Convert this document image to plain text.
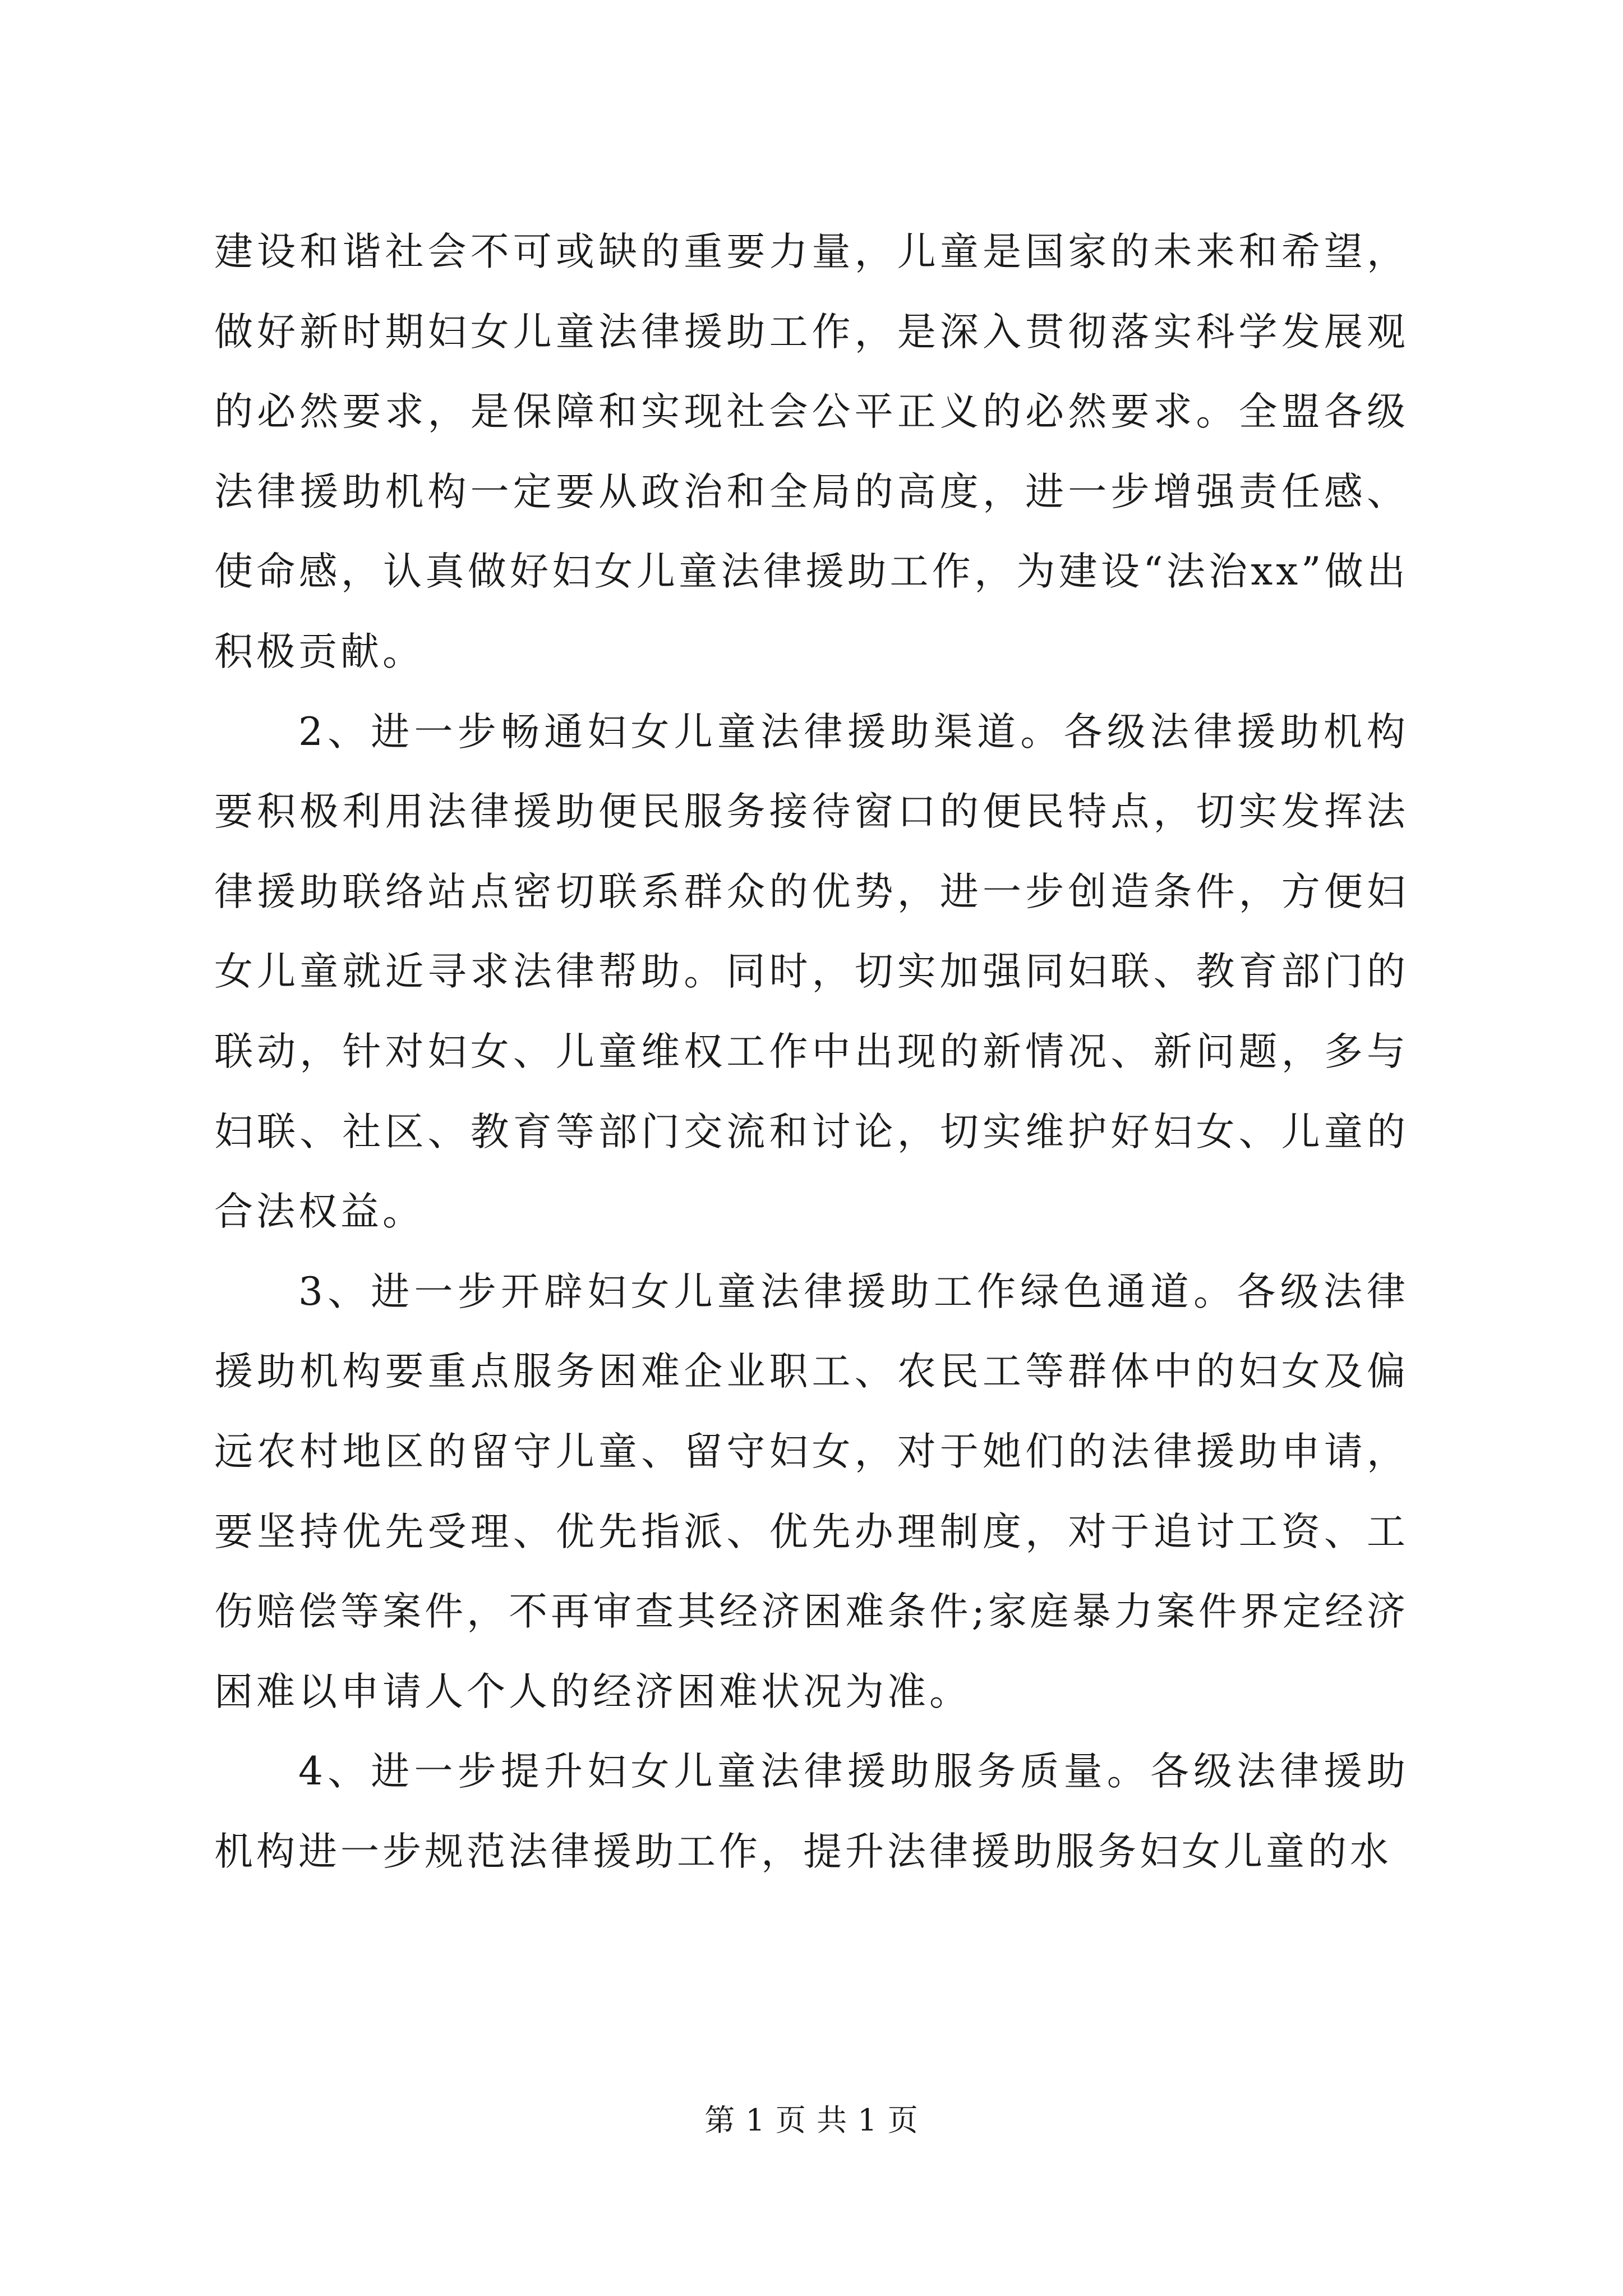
建设和谐社会不可或缺的重要力量，儿童是国家的未来和希望，做好新时期妇女儿童法律援助工作，是深入贯彻落实科学发展观的必然要求，是保障和实现社会公平正义的必然要求。全盟各级法律援助机构一定要从政治和全局的高度，进一步增强责任感、使命感，认真做好妇女儿童法律援助工作，为建设“法治xx”做出积极贡献。

2、进一步畅通妇女儿童法律援助渠道。各级法律援助机构要积极利用法律援助便民服务接待窗口的便民特点，切实发挥法律援助联络站点密切联系群众的优势，进一步创造条件，方便妇女儿童就近寻求法律帮助。同时，切实加强同妇联、教育部门的联动，针对妇女、儿童维权工作中出现的新情况、新问题，多与妇联、社区、教育等部门交流和讨论，切实维护好妇女、儿童的合法权益。

3、进一步开辟妇女儿童法律援助工作绿色通道。各级法律援助机构要重点服务困难企业职工、农民工等群体中的妇女及偏远农村地区的留守儿童、留守妇女，对于她们的法律援助申请，要坚持优先受理、优先指派、优先办理制度，对于追讨工资、工伤赔偿等案件，不再审查其经济困难条件;家庭暴力案件界定经济困难以申请人个人的经济困难状况为准。

4、进一步提升妇女儿童法律援助服务质量。各级法律援助机构进一步规范法律援助工作，提升法律援助服务妇女儿童的水

第 1 页 共 1 页
